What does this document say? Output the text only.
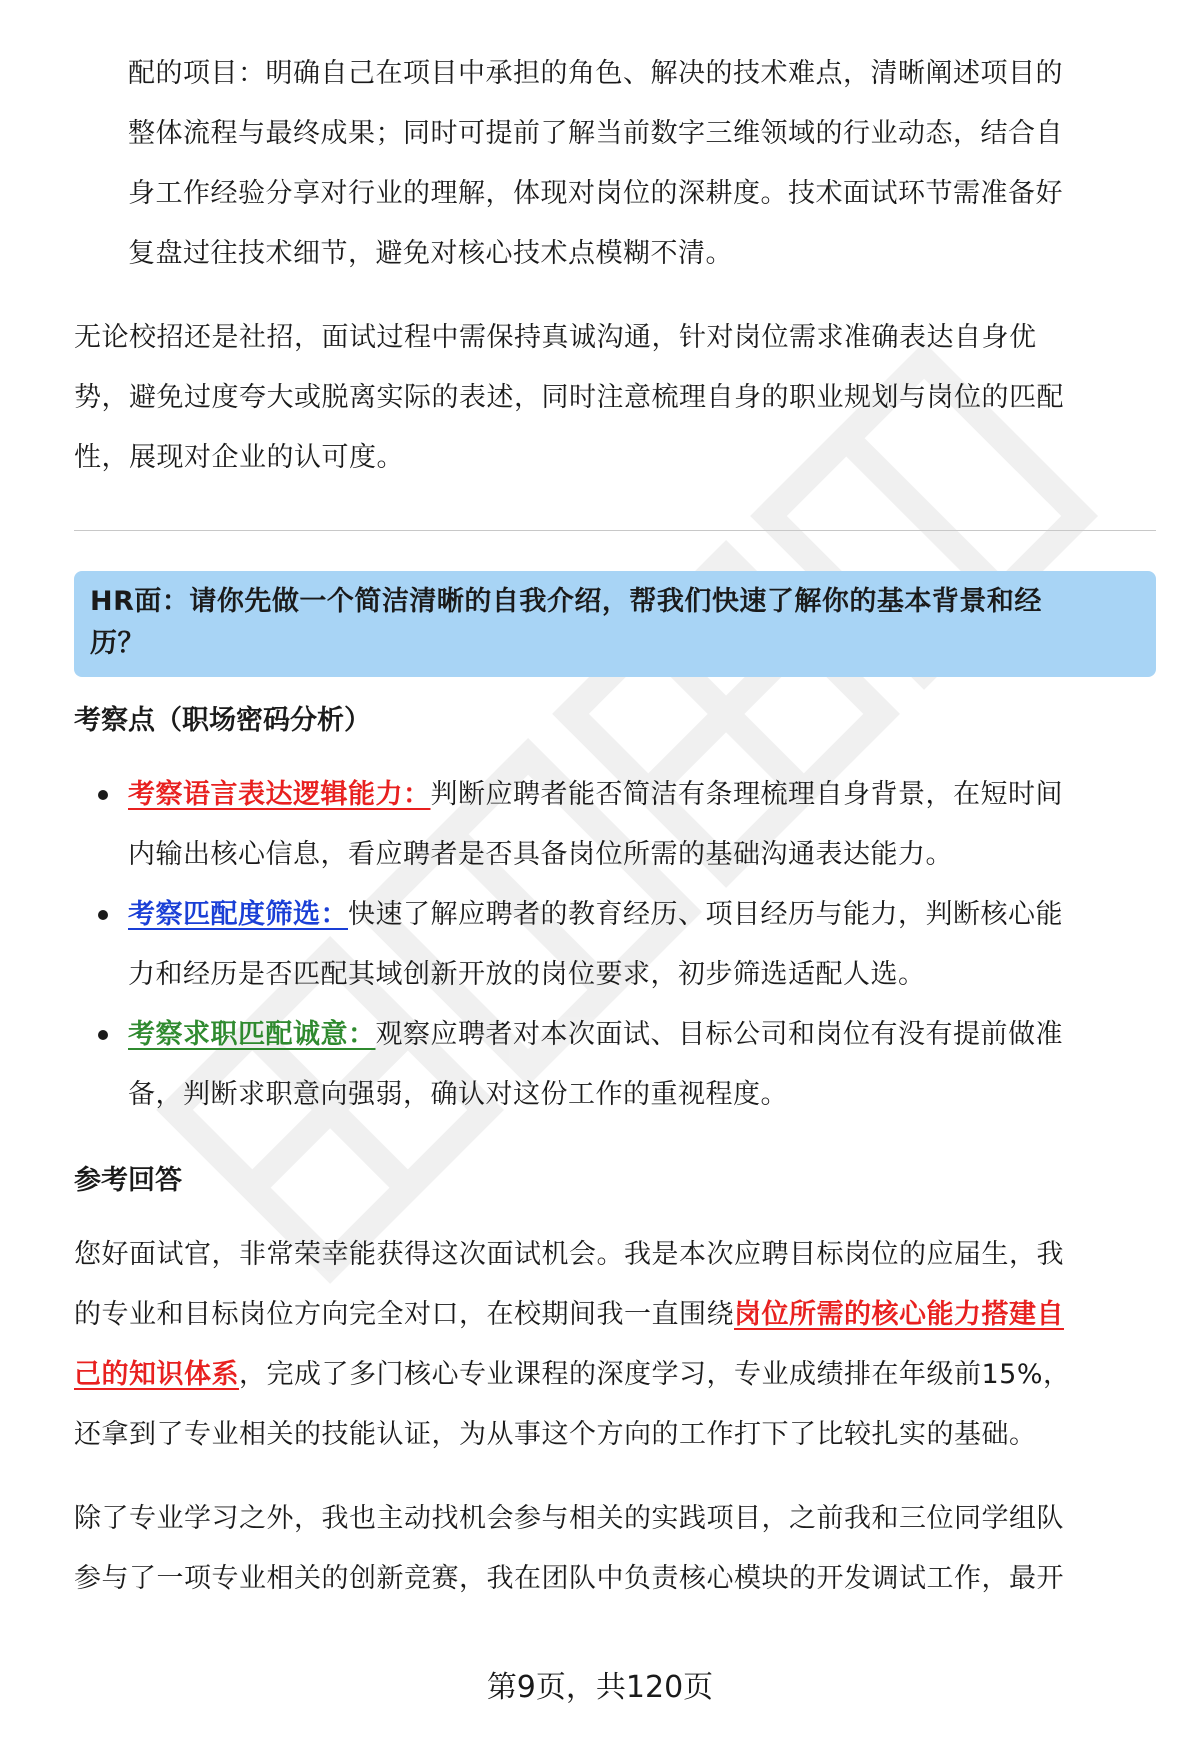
配的项目：明确自己在项目中承担的角色、解决的技术难点，清晰阐述项目的

整体流程与最终成果；同时可提前了解当前数字三维领域的行业动态，结合自

身工作经验分享对行业的理解，体现对岗位的深耕度。技术面试环节需准备好

复盘过往技术细节，避免对核心技术点模糊不清。

无论校招还是社招，面试过程中需保持真诚沟通，针对岗位需求准确表达自身优

势，避免过度夸大或脱离实际的表述，同时注意梳理自身的职业规划与岗位的匹配

性，展现对企业的认可度。

HR面：请你先做一个简洁清晰的自我介绍，帮我们快速了解你的基本背景和经

历？

考察点（职场密码分析）
考察语言表达逻辑能力：判断应聘者能否简洁有条理梳理自身背景，在短时间
内输出核心信息，看应聘者是否具备岗位所需的基础沟通表达能力。
考察匹配度筛选：快速了解应聘者的教育经历、项目经历与能力，判断核心能
力和经历是否匹配其域创新开放的岗位要求，初步筛选适配人选。
考察求职匹配诚意：观察应聘者对本次面试、目标公司和岗位有没有提前做准
备，判断求职意向强弱，确认对这份工作的重视程度。
参考回答

您好面试官，非常荣幸能获得这次面试机会。我是本次应聘目标岗位的应届生，我

的专业和目标岗位方向完全对口，在校期间我一直围绕岗位所需的核心能力搭建自

己的知识体系，完成了多门核心专业课程的深度学习，专业成绩排在年级前15%，

还拿到了专业相关的技能认证，为从事这个方向的工作打下了比较扎实的基础。

除了专业学习之外，我也主动找机会参与相关的实践项目，之前我和三位同学组队

参与了一项专业相关的创新竞赛，我在团队中负责核心模块的开发调试工作，最开

第9页，共120页
